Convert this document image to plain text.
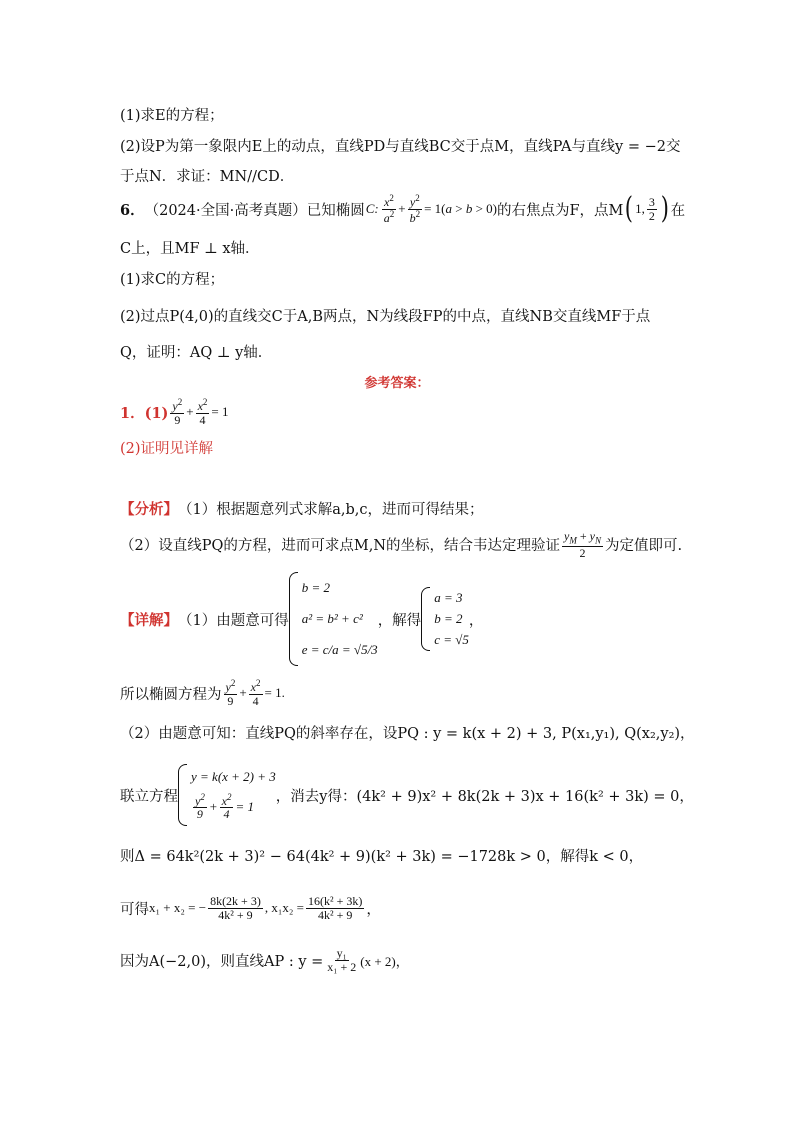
(1)求E的方程；
(2)设P为第一象限内E上的动点，直线PD与直线BC交于点M，直线PA与直线y = −2交
于点N．求证：MN//CD．
6． （2024·全国·高考真题） 已知椭圆 C: $\frac{x^2}{a^2} + \frac{y^2}{b^2} = 1(a > b > 0)$ 的右焦点为F，点M ( 1, $\frac{3}{2}$ ) 在
C上，且MF ⊥ x轴．
(1)求C的方程；
(2)过点P(4,0)的直线交C于A,B两点，N为线段FP的中点，直线NB交直线MF于点
Q，证明：AQ ⊥ y轴．
参考答案：
1．$(1) \frac{y^2}{9} + \frac{x^2}{4} = 1$
(2)证明见详解
【分析】 （1）根据题意列式求解a,b,c，进而可得结果；
（2）设直线PQ的方程，进而可求点M,N的坐标，结合韦达定理验证 $\frac{y_M + y_N}{2}$ 为定值即可.
【详解】 （1）由题意可得
b = 2
a² = b² + c²
e = c/a = √5/3
，解得
a = 3
b = 2
c = √5
，
所以椭圆方程为 $\frac{y^2}{9} + \frac{x^2}{4} = 1$.
（2）由题意可知：直线PQ的斜率存在，设PQ : y = k(x + 2) + 3, P(x₁,y₁), Q(x₂,y₂)，
联立方程
y = k(x + 2) + 3
$\frac{y^2}{9} + \frac{x^2}{4} = 1$
，消去y得：(4k² + 9)x² + 8k(2k + 3)x + 16(k² + 3k) = 0，
则Δ = 64k²(2k + 3)² − 64(4k² + 9)(k² + 3k) = −1728k > 0，解得k < 0，
可得 x₁ + x₂ = − $\frac{8k(2k + 3)}{\text{4k² + 9}}$ , $x_1x_2 = \frac{\text{16(k² + 3k)}}{\text{4k² + 9}}$ ，
因为A(−2,0)，则直线AP : $y = \frac{\text{y₁}}{\text{x₁ + 2}} (x + 2)$，
